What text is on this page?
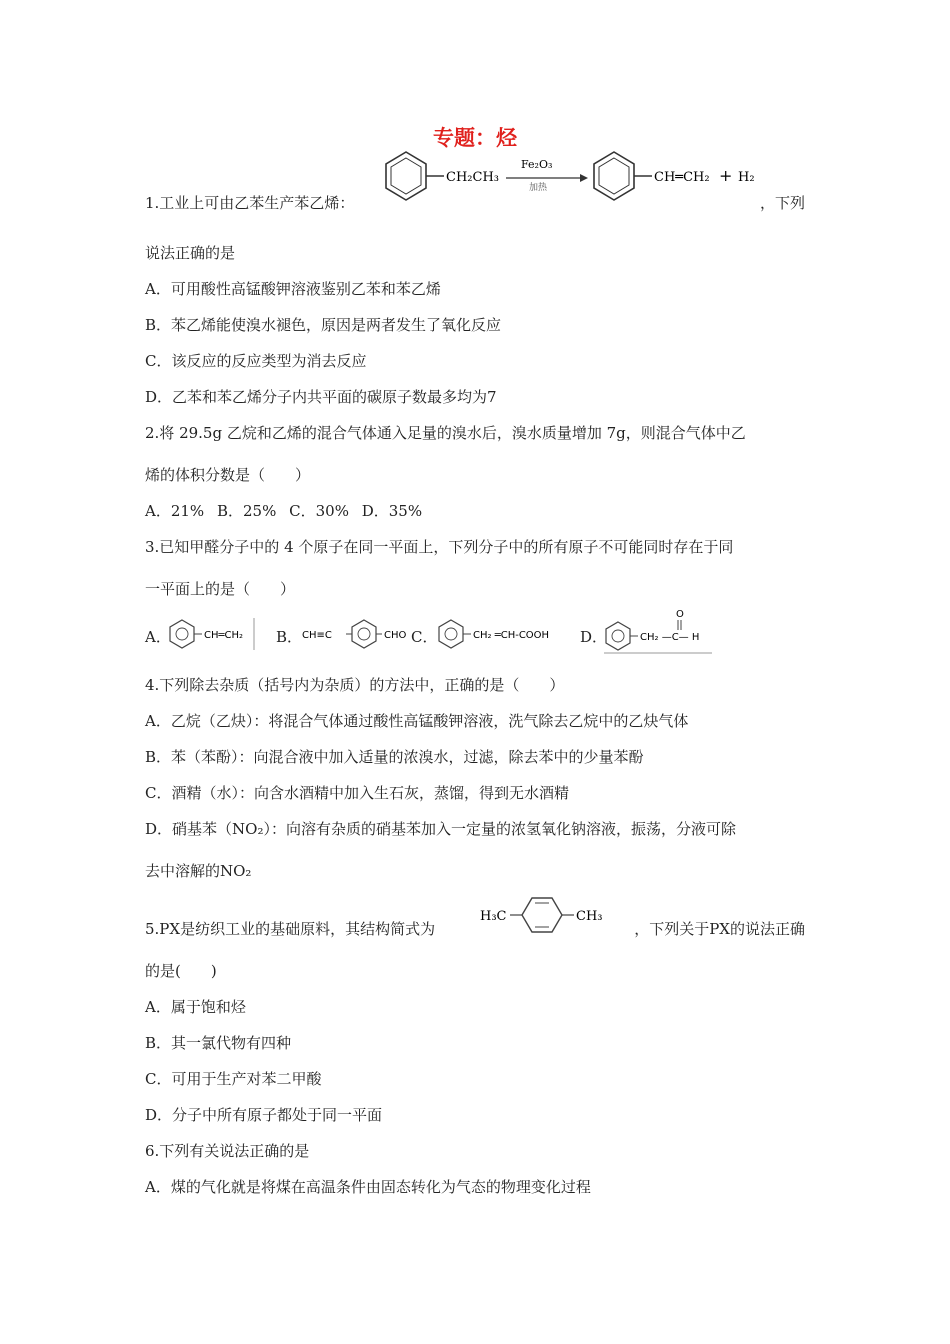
专题：烃
1.工业上可由乙苯生产苯乙烯：	，下列
CH₂CH₃
Fe₂O₃
加热
CH═CH₂ + H₂
说法正确的是
A．可用酸性高锰酸钾溶液鉴别乙苯和苯乙烯
B．苯乙烯能使溴水褪色，原因是两者发生了氧化反应
C．该反应的反应类型为消去反应
D．乙苯和苯乙烯分子内共平面的碳原子数最多均为7
2.将 29.5g 乙烷和乙烯的混合气体通入足量的溴水后，溴水质量增加 7g，则混合气体中乙
烯的体积分数是（　　）
A．21% B．25% C．30% D．35%
3.已知甲醛分子中的 4 个原子在同一平面上，下列分子中的所有原子不可能同时存在于同
一平面上的是（　　）
A．	CH═CH₂ B． CH≡C	CHO C．	CH₂ ═CH-COOH D．	CH₂ —C— H
O
4.下列除去杂质（括号内为杂质）的方法中，正确的是（　　）
A．乙烷（乙炔）：将混合气体通过酸性高锰酸钾溶液，洗气除去乙烷中的乙炔气体
B．苯（苯酚）：向混合液中加入适量的浓溴水，过滤，除去苯中的少量苯酚
C．酒精（水）：向含水酒精中加入生石灰，蒸馏，得到无水酒精
D．硝基苯（NO₂）：向溶有杂质的硝基苯加入一定量的浓氢氧化钠溶液，振荡，分液可除
去中溶解的NO₂
5.PX是纺织工业的基础原料，其结构简式为	，下列关于PX的说法正确
H₃C	CH₃
的是(　　)
A．属于饱和烃
B．其一氯代物有四种
C．可用于生产对苯二甲酸
D．分子中所有原子都处于同一平面
6.下列有关说法正确的是
A．煤的气化就是将煤在高温条件由固态转化为气态的物理变化过程
